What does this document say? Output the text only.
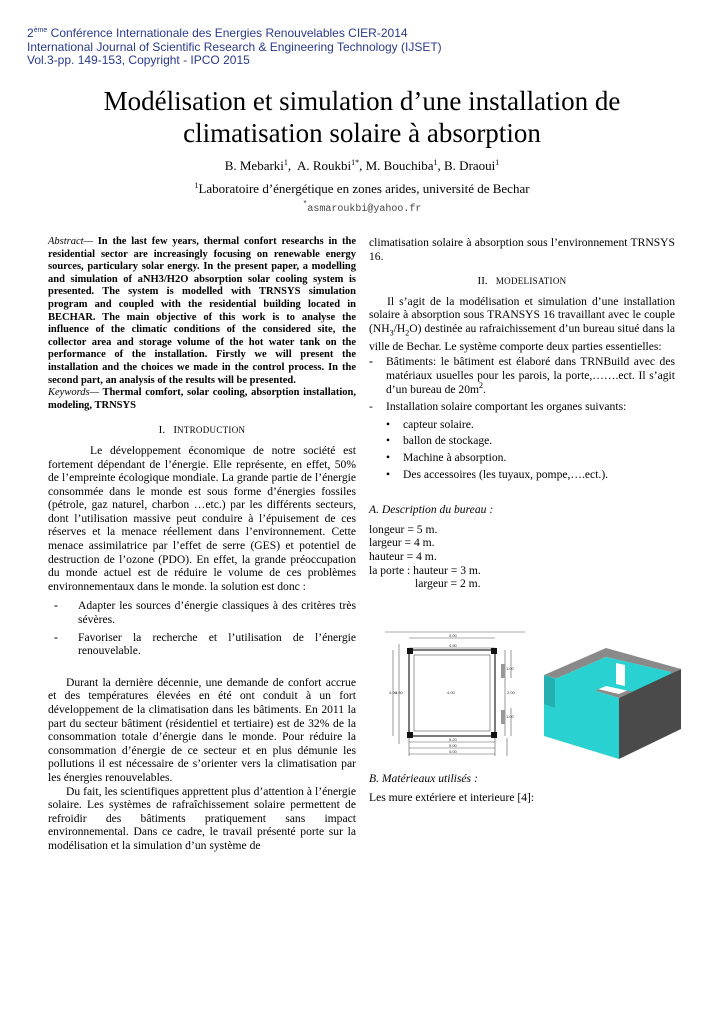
2ème Conférence Internationale des Energies Renouvelables CIER-2014
International Journal of Scientific Research & Engineering Technology (IJSET)
Vol.3-pp. 149-153, Copyright - IPCO 2015
Modélisation et simulation d’une installation de climatisation solaire à absorption
B. Mebarki$^1$,  A. Roukbi$^{1*}$, M. Bouchiba$^1$, B. Draoui$^1$
$^1$Laboratoire d’énergétique en zones arides, université de Bechar
*asmaroukbi@yahoo.fr

Abstract— In the last few years, thermal confort researchs in the residential sector are increasingly focusing on renewable energy sources, particulary solar energy. In the present paper, a modelling and simulation of aNH3/H2O absorption solar cooling system is presented. The system is modelled with TRNSYS simulation program and coupled with the residential building located in BECHAR. The main objective of this work is to analyse the influence of the climatic conditions of the considered site, the collector area and storage volume of the hot water tank on the performance of the installation. Firstly we will present the installation and the choices we made in the control process. In the second part, an analysis of the results will be presented.

Keywords— Thermal comfort, solar cooling, absorption installation, modeling, TRNSYS

I. INTRODUCTION

Le développement économique de notre société est fortement dépendant de l’énergie. Elle représente, en effet, 50% de l’empreinte écologique mondiale. La grande partie de l’énergie consommée dans le monde est sous forme d’énergies fossiles (pétrole, gaz naturel, charbon …etc.) par les différents secteurs, dont l’utilisation massive peut conduire à l’épuisement de ces réserves et la menace réellement dans l’environnement. Cette menace assimilatrice par l’effet de serre (GES) et potentiel de destruction de l’ozone (PDO). En effet, la grande préoccupation du monde actuel est de réduire le volume de ces problèmes environnementaux dans le monde. la solution est donc :

- Adapter les sources d’énergie classiques à des critères très sévères.
- Favoriser la recherche et l’utilisation de l’énergie renouvelable.

Durant la dernière décennie, une demande de confort accrue et des températures élevées en été ont conduit à un fort développement de la climatisation dans les bâtiments. En 2011 la part du secteur bâtiment (résidentiel et tertiaire) est de 32% de la consommation totale d’énergie dans le monde. Pour réduire la consommation d’énergie de ce secteur et en plus démunie les pollutions il est nécessaire de s’orienter vers la climatisation par les énergies renouvelables.

Du fait, les scientifiques apprettent plus d’attention à l’énergie solaire. Les systèmes de rafraîchissement solaire permettent de refroidir des bâtiments pratiquement sans impact environnemental. Dans ce cadre, le travail présenté porte sur la modélisation et la simulation d’un système de

climatisation solaire à absorption sous l’environnement TRNSYS 16.

II. MODELISATION

Il s’agit de la modélisation et simulation d’une installation solaire à absorption sous TRANSYS 16 travaillant avec le couple $(NH_3/H_2O)$ destinée au rafraichissement d’un bureau situé dans la ville de Bechar. Le système comporte deux parties essentielles:

- Bâtiments: le bâtiment est élaboré dans TRNBuild avec des matériaux usuelles pour les parois, la porte,…….ect. Il s’agit d’un bureau de $20m^2$.
- Installation solaire comportant les organes suivants:
• capteur solaire.
• ballon de stockage.
• Machine à absorption.
• Des accessoires (les tuyaux, pompe,….ect.).

A. Description du bureau :

longeur = 5 m.

largeur = 4 m.

hauteur = 4 m.

la porte : hauteur = 3 m.

largeur = 2 m.

B. Matérieaux utilisés :

Les mure extériere et interieure [4]:

5.00
4.50
4.00
4.50	4.00	2.00
1.00
1.00
5.20
5.00
4.00
